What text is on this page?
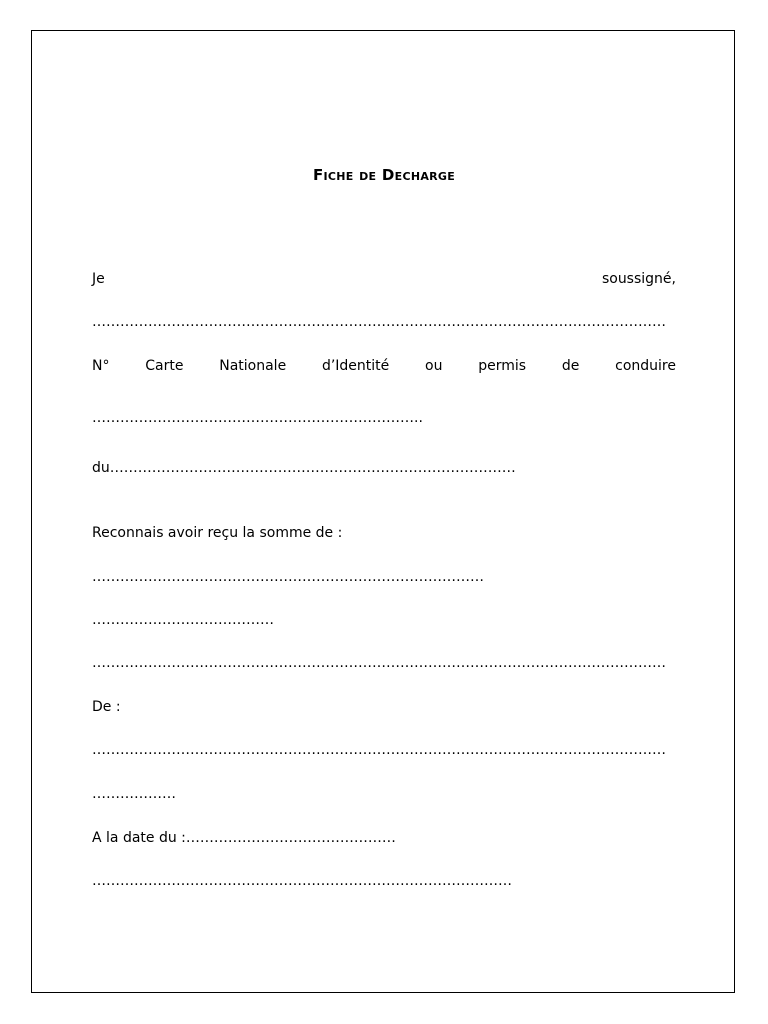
Fiche de Decharge
Je	soussigné,
……………………………………………………………………………………………………………
N°	Carte	Nationale	d’Identité	ou	permis	de	conduire
……………………………………………………………..
du……………………………………………………………………………
Reconnais avoir reçu la somme de :
…………………………………………………………………………
…………………………………
……………………………………………………………………………………………………………
De :
……………………………………………………………………………………………………………
………………
A la date du :………………………………………
………………………………………………………………………………
